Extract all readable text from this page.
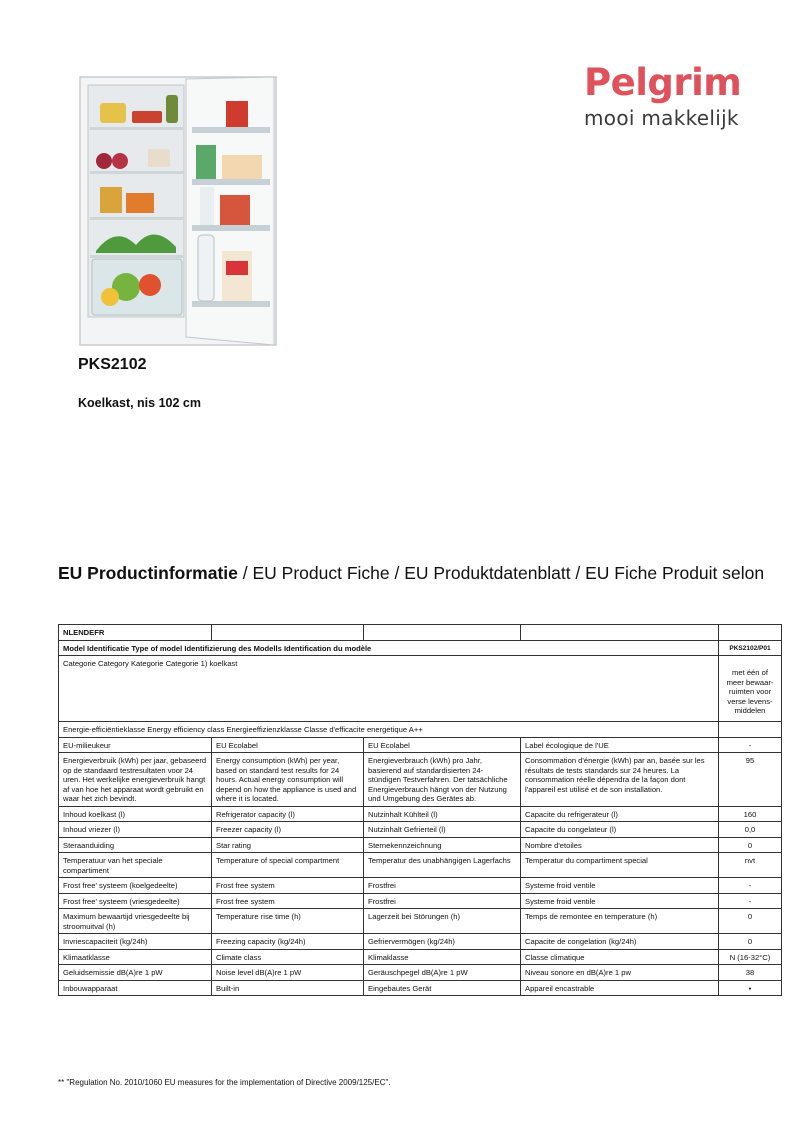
Pelgrim
mooi makkelijk
PKS2102
Koelkast, nis 102 cm
EU Productinformatie / EU Product Fiche / EU Produktdatenblatt / EU Fiche Produit selon
NLENDEFR				
Model Identificatie Type of model Identifizierung des Modells Identification du modèle				PKS2102/P01
Categorie Category Kategorie Categorie 1) koelkast				met één of meer bewaar-ruimten voor verse levens-middelen
Energie-efficiëntieklasse Energy efficiency class Energieeffizienzklasse Classe d'efficacite energetique A++				
EU-milieukeur	EU Ecolabel	EU Ecolabel	Label écologique de l'UE	-
Energieverbruik (kWh) per jaar, gebaseerd op de standaard testresultaten voor 24 uren. Het werkelijke energieverbruik hangt af van hoe het apparaat wordt gebruikt en waar het zich bevindt.	Energy consumption (kWh) per year, based on standard test results for 24 hours. Actual energy consumption will depend on how the appliance is used and where it is located.	Energieverbrauch (kWh) pro Jahr, basierend auf standardisierten 24-stündigen Testverfahren. Der tatsächliche Energieverbrauch hängt von der Nutzung und Umgebung des Gerätes ab.	Consommation d'énergie (kWh) par an, basée sur les résultats de tests standards sur 24 heures. La consommation réelle dépendra de la façon dont l'appareil est utilisé et de son installation.	95
Inhoud koelkast (l)	Refrigerator capacity (l)	Nutzinhalt Kühlteil (l)	Capacite du refrigerateur (l)	160
Inhoud vriezer (l)	Freezer capacity (l)	Nutzinhalt Gefrierteil (l)	Capacite du congelateur (l)	0,0
Steraanduiding	Star rating	Sternekennzeichnung	Nombre d'etoiles	0
Temperatuur van het speciale compartiment	Temperature of special compartment	Temperatur des unabhängigen Lagerfachs	Temperatur du compartiment special	nvt
Frost free' systeem (koelgedeelte)	Frost free system	Frostfrei	Systeme froid ventile	-
Frost free' systeem (vriesgedeelte)	Frost free system	Frostfrei	Systeme froid ventile	-
Maximum bewaartijd vriesgedeelte bij stroomuitval (h)	Temperature rise time (h)	Lagerzeit bei Störungen (h)	Temps de remontee en temperature (h)	0
Invriescapaciteit (kg/24h)	Freezing capacity (kg/24h)	Gefriervermögen (kg/24h)	Capacite de congelation (kg/24h)	0
Klimaatklasse	Climate class	Klimaklasse	Classe climatique	N (16-32°C)
Geluidsemissie dB(A)re 1 pW	Noise level dB(A)re 1 pW	Geräuschpegel dB(A)re 1 pW	Niveau sonore en dB(A)re 1 pw	38
Inbouwapparaat	Built-in	Eingebautes Gerät	Appareil encastrable	•
** "Regulation No. 2010/1060 EU measures for the implementation of Directive 2009/125/EC".
